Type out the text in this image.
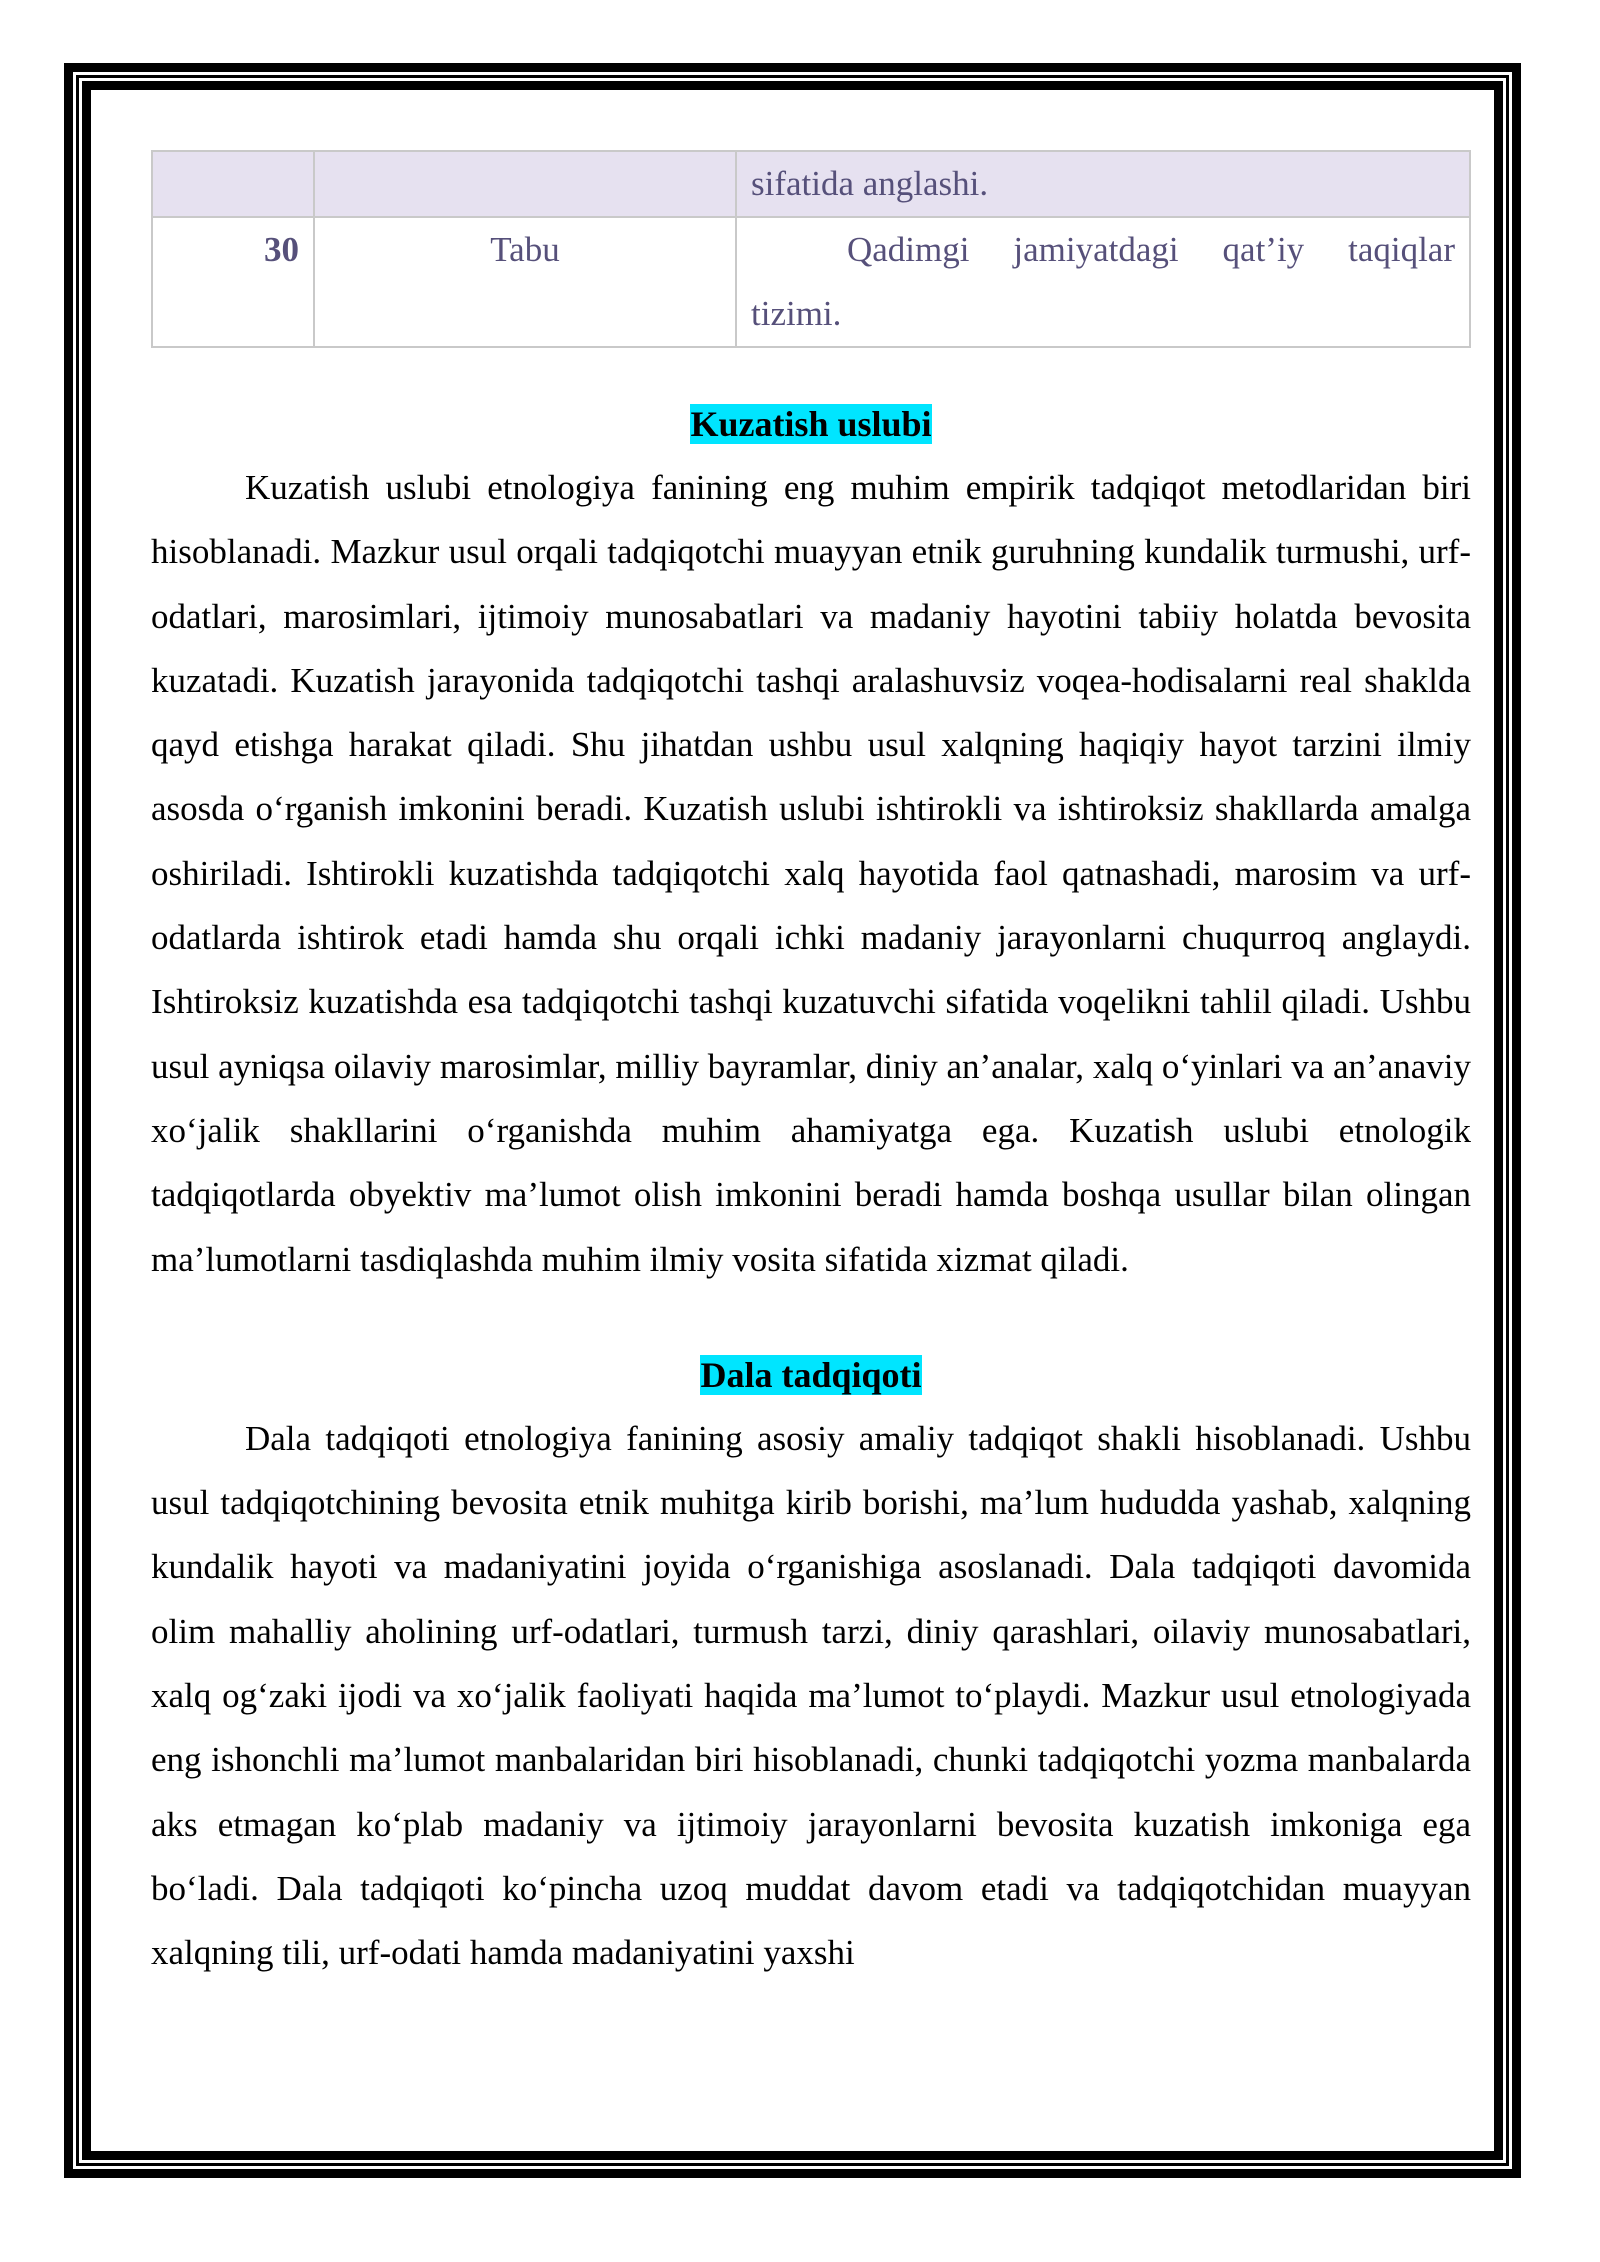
		sifatida anglashi.
30	Tabu	Qadimgi jamiyatdagi qat’iy taqiqlar
tizimi.
Kuzatish uslubi

Kuzatish uslubi etnologiya fanining eng muhim empirik tadqiqot metodlaridan biri hisoblanadi. Mazkur usul orqali tadqiqotchi muayyan etnik guruhning kundalik turmushi, urf-odatlari, marosimlari, ijtimoiy munosabatlari va madaniy hayotini tabiiy holatda bevosita kuzatadi. Kuzatish jarayonida tadqiqotchi tashqi aralashuvsiz voqea-hodisalarni real shaklda qayd etishga harakat qiladi. Shu jihatdan ushbu usul xalqning haqiqiy hayot tarzini ilmiy asosda o‘rganish imkonini beradi. Kuzatish uslubi ishtirokli va ishtiroksiz shakllarda amalga oshiriladi. Ishtirokli kuzatishda tadqiqotchi xalq hayotida faol qatnashadi, marosim va urf-odatlarda ishtirok etadi hamda shu orqali ichki madaniy jarayonlarni chuqurroq anglaydi. Ishtiroksiz kuzatishda esa tadqiqotchi tashqi kuzatuvchi sifatida voqelikni tahlil qiladi. Ushbu usul ayniqsa oilaviy marosimlar, milliy bayramlar, diniy an’analar, xalq o‘yinlari va an’anaviy xo‘jalik shakllarini o‘rganishda muhim ahamiyatga ega. Kuzatish uslubi etnologik tadqiqotlarda obyektiv ma’lumot olish imkonini beradi hamda boshqa usullar bilan olingan ma’lumotlarni tasdiqlashda muhim ilmiy vosita sifatida xizmat qiladi.

Dala tadqiqoti

Dala tadqiqoti etnologiya fanining asosiy amaliy tadqiqot shakli hisoblanadi. Ushbu usul tadqiqotchining bevosita etnik muhitga kirib borishi, ma’lum hududda yashab, xalqning kundalik hayoti va madaniyatini joyida o‘rganishiga asoslanadi. Dala tadqiqoti davomida olim mahalliy aholining urf-odatlari, turmush tarzi, diniy qarashlari, oilaviy munosabatlari, xalq og‘zaki ijodi va xo‘jalik faoliyati haqida ma’lumot to‘playdi. Mazkur usul etnologiyada eng ishonchli ma’lumot manbalaridan biri hisoblanadi, chunki tadqiqotchi yozma manbalarda aks etmagan ko‘plab madaniy va ijtimoiy jarayonlarni bevosita kuzatish imkoniga ega bo‘ladi. Dala tadqiqoti ko‘pincha uzoq muddat davom etadi va tadqiqotchidan muayyan xalqning tili, urf-odati hamda madaniyatini yaxshi
